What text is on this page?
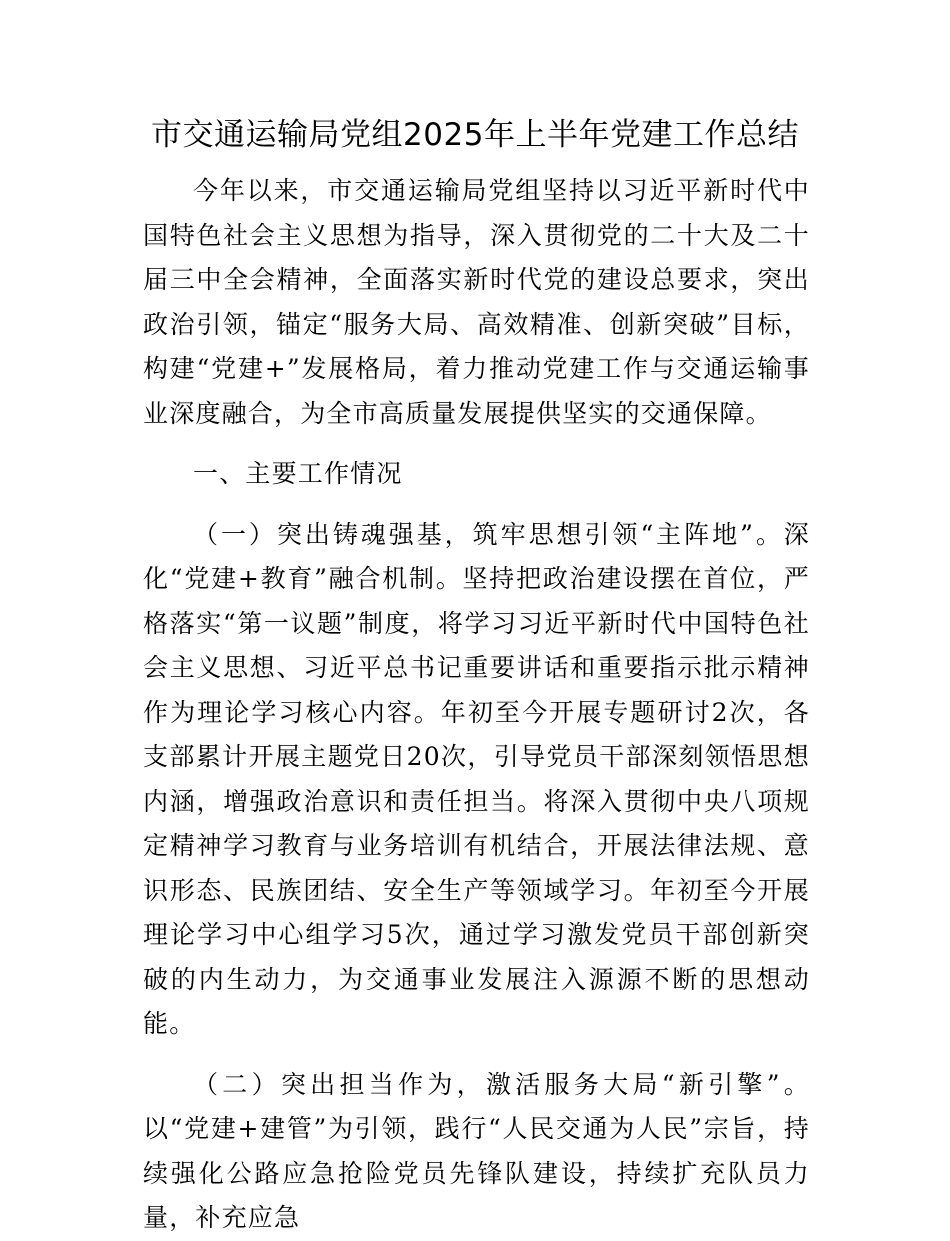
市交通运输局党组2025年上半年党建工作总结

今年以来，市交通运输局党组坚持以习近平新时代中国特色社会主义思想为指导，深入贯彻党的二十大及二十届三中全会精神，全面落实新时代党的建设总要求，突出政治引领，锚定“服务大局、高效精准、创新突破”目标，构建“党建+”发展格局，着力推动党建工作与交通运输事业深度融合，为全市高质量发展提供坚实的交通保障。

一、主要工作情况

（一）突出铸魂强基，筑牢思想引领“主阵地”。深化“党建+教育”融合机制。坚持把政治建设摆在首位，严格落实“第一议题”制度，将学习习近平新时代中国特色社会主义思想、习近平总书记重要讲话和重要指示批示精神作为理论学习核心内容。年初至今开展专题研讨2次，各支部累计开展主题党日20次，引导党员干部深刻领悟思想内涵，增强政治意识和责任担当。将深入贯彻中央八项规定精神学习教育与业务培训有机结合，开展法律法规、意识形态、民族团结、安全生产等领域学习。年初至今开展理论学习中心组学习5次，通过学习激发党员干部创新突破的内生动力，为交通事业发展注入源源不断的思想动能。

（二）突出担当作为，激活服务大局“新引擎”。以“党建+建管”为引领，践行“人民交通为人民”宗旨，持续强化公路应急抢险党员先锋队建设，持续扩充队员力量，补充应急
